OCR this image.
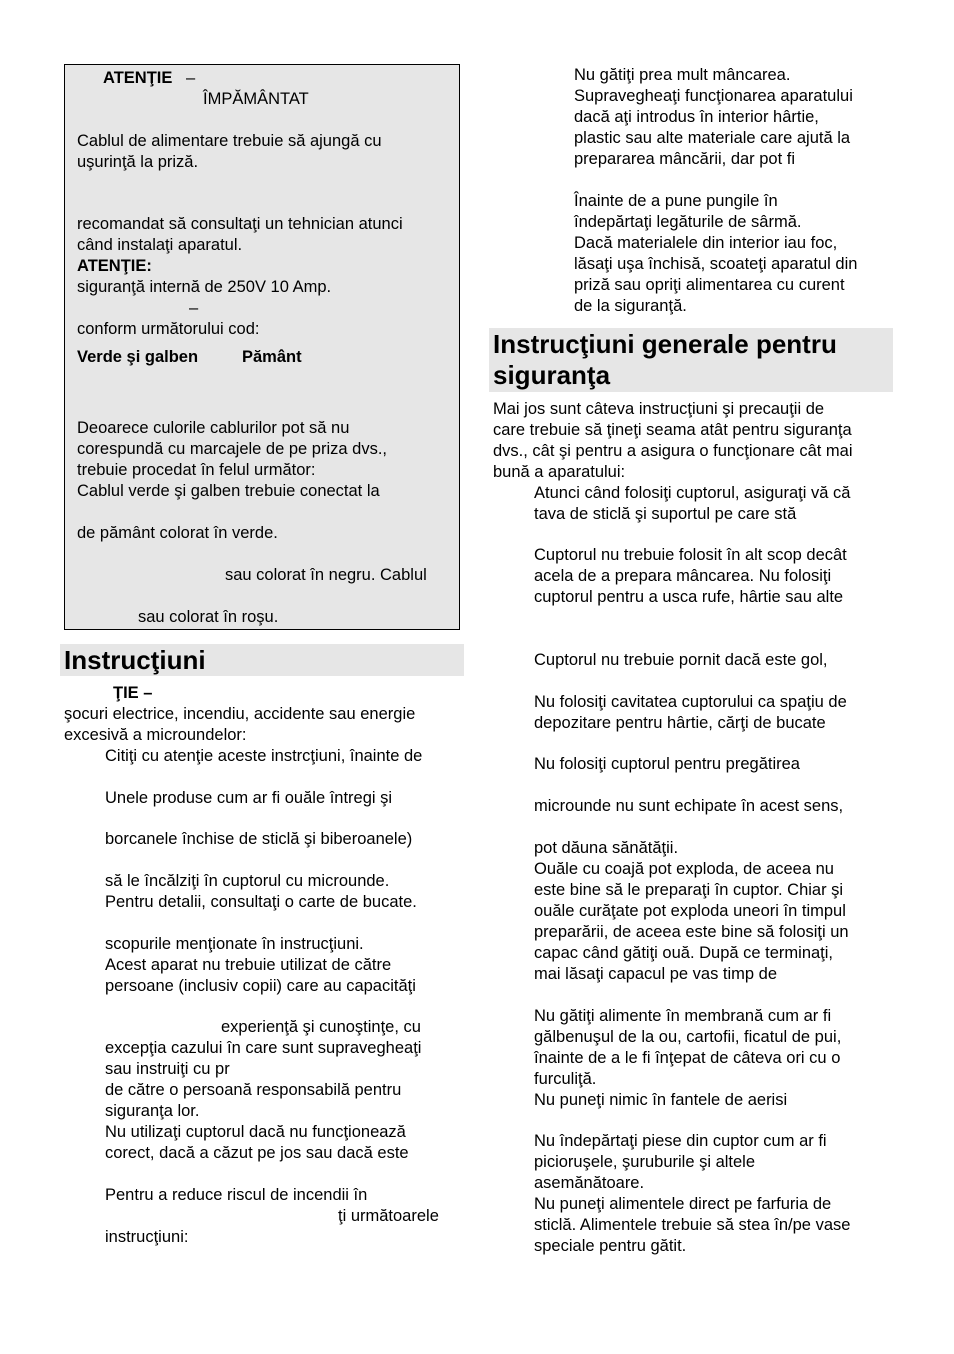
ATENŢIE –
ÎMPĂMÂNTAT
Cablul de alimentare trebuie să ajungă cu
uşurinţă la priză.
recomandat să consultaţi un tehnician atunci
când instalaţi aparatul.
ATENŢIE:
siguranţă internă de 250V 10 Amp.
–
conform următorului cod:
Verde şi galben	Pământ
Deoarece culorile cablurilor pot să nu
corespundă cu marcajele de pe priza dvs.,
trebuie procedat în felul următor:
Cablul verde şi galben trebuie conectat la
de pământ colorat în verde.
sau colorat în negru. Cablul
sau colorat în roşu.
Instrucţiuni
ŢIE –
şocuri electrice, incendiu, accidente sau energie
excesivă a microundelor:
Citiţi cu atenţie aceste instrcţiuni, înainte de
Unele produse cum ar fi ouăle întregi şi
borcanele închise de sticlă şi biberoanele)
să le încălziţi în cuptorul cu microunde.
Pentru detalii, consultaţi o carte de bucate.
scopurile menţionate în instrucţiuni.
Acest aparat nu trebuie utilizat de către
persoane (inclusiv copii) care au capacităţi
experienţă şi cunoştinţe, cu
excepţia cazului în care sunt supravegheaţi
sau instruiţi cu pr
de către o persoană responsabilă pentru
siguranţa lor.
Nu utilizaţi cuptorul dacă nu funcţionează
corect, dacă a căzut pe jos sau dacă este
Pentru a reduce riscul de incendii în
ţi următoarele
instrucţiuni:
Nu gătiţi prea mult mâncarea.
Supravegheaţi funcţionarea aparatului
dacă aţi introdus în interior hârtie,
plastic sau alte materiale care ajută la
prepararea mâncării, dar pot fi
Înainte de a pune pungile în
îndepărtaţi legăturile de sârmă.
Dacă materialele din interior iau foc,
lăsaţi uşa închisă, scoateţi aparatul din
priză sau opriţi alimentarea cu curent
de la siguranţă.
Instrucţiuni generale pentru
siguranţa
Mai jos sunt câteva instrucţiuni şi precauţii de
care trebuie să ţineţi seama atât pentru siguranţa
dvs., cât şi pentru a asigura o funcţionare cât mai
bună a aparatului:
Atunci când folosiţi cuptorul, asiguraţi vă că
tava de sticlă şi suportul pe care stă
Cuptorul nu trebuie folosit în alt scop decât
acela de a prepara mâncarea. Nu folosiţi
cuptorul pentru a usca rufe, hârtie sau alte
Cuptorul nu trebuie pornit dacă este gol,
Nu folosiţi cavitatea cuptorului ca spaţiu de
depozitare pentru hârtie, cărţi de bucate
Nu folosiţi cuptorul pentru pregătirea
microunde nu sunt echipate în acest sens,
pot dăuna sănătăţii.
Ouăle cu coajă pot exploda, de aceea nu
este bine să le preparaţi în cuptor. Chiar şi
ouăle curăţate pot exploda uneori în timpul
preparării, de aceea este bine să folosiţi un
capac când gătiţi ouă. După ce terminaţi,
mai lăsaţi capacul pe vas timp de
Nu gătiţi alimente în membrană cum ar fi
gălbenuşul de la ou, cartofii, ficatul de pui,
înainte de a le fi înţepat de câteva ori cu o
furculiţă.
Nu puneţi nimic în fantele de aerisi
Nu îndepărtaţi piese din cuptor cum ar fi
picioruşele, şuruburile şi altele
asemănătoare.
Nu puneţi alimentele direct pe farfuria de
sticlă. Alimentele trebuie să stea în/pe vase
speciale pentru gătit.
